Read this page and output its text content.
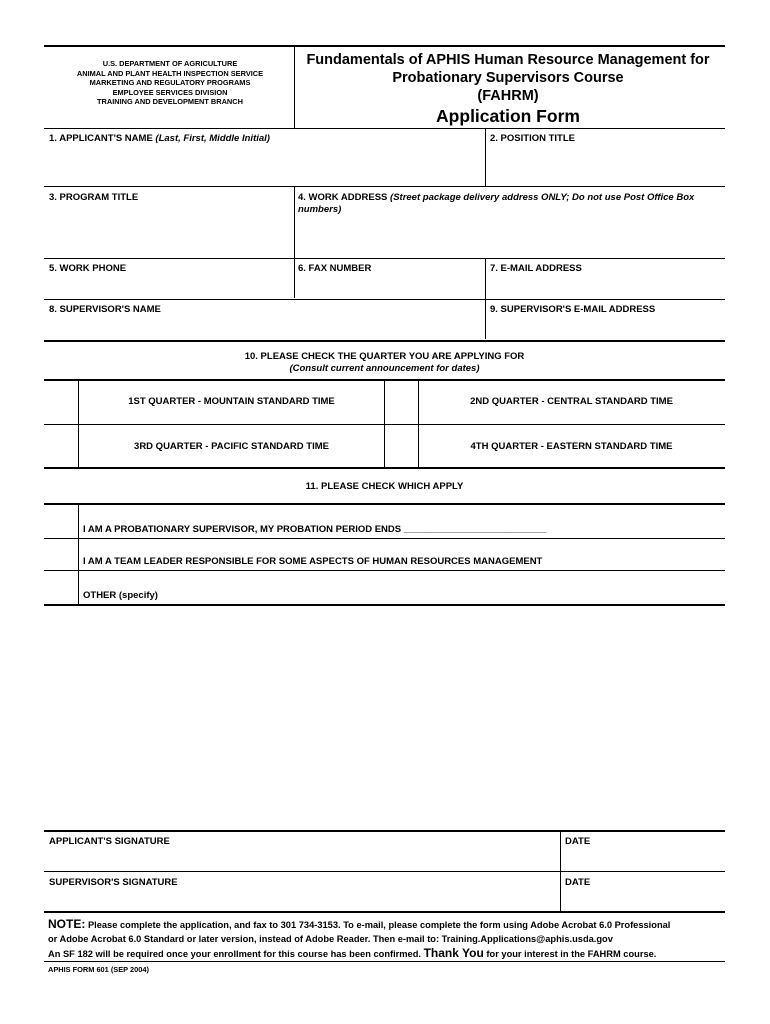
U.S. DEPARTMENT OF AGRICULTURE
ANIMAL AND PLANT HEALTH INSPECTION SERVICE
MARKETING AND REGULATORY PROGRAMS
EMPLOYEE SERVICES DIVISION
TRAINING AND DEVELOPMENT BRANCH
Fundamentals of APHIS Human Resource Management for
Probationary Supervisors Course
(FAHRM)
Application Form
1. APPLICANT'S NAME (Last, First, Middle Initial)	2. POSITION TITLE
3. PROGRAM TITLE	4. WORK ADDRESS (Street package delivery address ONLY; Do not use Post Office Box
numbers)
5. WORK PHONE	6. FAX NUMBER	7. E-MAIL ADDRESS
8. SUPERVISOR'S NAME	9. SUPERVISOR'S E-MAIL ADDRESS
10. PLEASE CHECK THE QUARTER YOU ARE APPLYING FOR
(Consult current announcement for dates)
1ST QUARTER - MOUNTAIN STANDARD TIME	2ND QUARTER - CENTRAL STANDARD TIME
3RD QUARTER - PACIFIC STANDARD TIME	4TH QUARTER - EASTERN STANDARD TIME
11. PLEASE CHECK WHICH APPLY
I AM A PROBATIONARY SUPERVISOR, MY PROBATION PERIOD ENDS ___________________________
I AM A TEAM LEADER RESPONSIBLE FOR SOME ASPECTS OF HUMAN RESOURCES MANAGEMENT
OTHER (specify)
APPLICANT'S SIGNATURE	DATE
SUPERVISOR'S SIGNATURE	DATE
NOTE: Please complete the application, and fax to 301 734-3153. To e-mail, please complete the form using Adobe Acrobat 6.0 Professional
or Adobe Acrobat 6.0 Standard or later version, instead of Adobe Reader. Then e-mail to: Training.Applications@aphis.usda.gov
An SF 182 will be required once your enrollment for this course has been confirmed. Thank You for your interest in the FAHRM course.
APHIS FORM 601 (SEP 2004)
